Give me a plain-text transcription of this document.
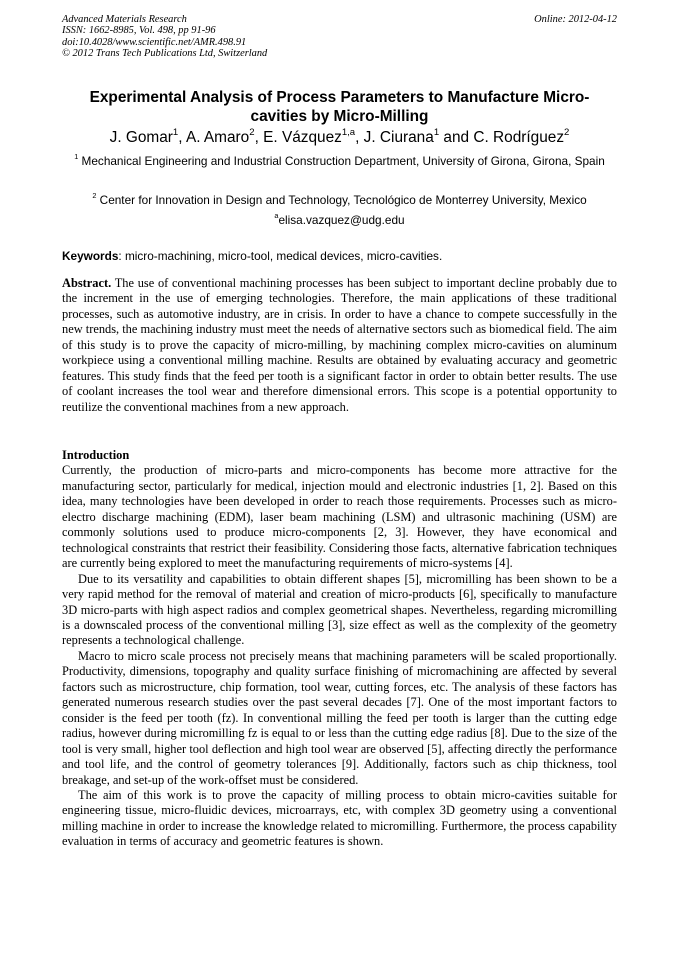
Advanced Materials Research
ISSN: 1662-8985, Vol. 498, pp 91-96
doi:10.4028/www.scientific.net/AMR.498.91
© 2012 Trans Tech Publications Ltd, Switzerland
Online: 2012-04-12
Experimental Analysis of Process Parameters to Manufacture Micro-cavities by Micro-Milling
J. Gomar$^1$, A. Amaro$^2$, E. Vázquez$^{1,a}$, J. Ciurana$^1$ and C. Rodríguez$^2$
$^1$ Mechanical Engineering and Industrial Construction Department, University of Girona, Girona, Spain
$^2$ Center for Innovation in Design and Technology, Tecnológico de Monterrey University, Mexico
$^a$elisa.vazquez@udg.edu
Keywords: micro-machining, micro-tool, medical devices, micro-cavities.
Abstract. The use of conventional machining processes has been subject to important decline probably due to the increment in the use of emerging technologies. Therefore, the main applications of these traditional processes, such as automotive industry, are in crisis. In order to have a chance to compete successfully in the new trends, the machining industry must meet the needs of alternative sectors such as biomedical field. The aim of this study is to prove the capacity of micro-milling, by machining complex micro-cavities on aluminum workpiece using a conventional milling machine. Results are obtained by evaluating accuracy and geometric features. This study finds that the feed per tooth is a significant factor in order to obtain better results. The use of coolant increases the tool wear and therefore dimensional errors. This scope is a potential opportunity to reutilize the conventional machines from a new approach.
Introduction

Currently, the production of micro-parts and micro-components has become more attractive for the manufacturing sector, particularly for medical, injection mould and electronic industries [1, 2]. Based on this idea, many technologies have been developed in order to reach those requirements. Processes such as micro-electro discharge machining (EDM), laser beam machining (LSM) and ultrasonic machining (USM) are commonly solutions used to produce micro-components [2, 3]. However, they have economical and technological constraints that restrict their feasibility. Considering those facts, alternative fabrication techniques are currently being explored to meet the manufacturing requirements of micro-systems [4].

Due to its versatility and capabilities to obtain different shapes [5], micromilling has been shown to be a very rapid method for the removal of material and creation of micro-products [6], specifically to manufacture 3D micro-parts with high aspect radios and complex geometrical shapes. Nevertheless, regarding micromilling is a downscaled process of the conventional milling [3], size effect as well as the complexity of the geometry represents a technological challenge.

Macro to micro scale process not precisely means that machining parameters will be scaled proportionally. Productivity, dimensions, topography and quality surface finishing of micromachining are affected by several factors such as microstructure, chip formation, tool wear, cutting forces, etc. The analysis of these factors has generated numerous research studies over the past several decades [7]. One of the most important factors to consider is the feed per tooth (fz). In conventional milling the feed per tooth is larger than the cutting edge radius, however during micromilling fz is equal to or less than the cutting edge radius [8]. Due to the size of the tool is very small, higher tool deflection and high tool wear are observed [5], affecting directly the performance and tool life, and the control of geometry tolerances [9]. Additionally, factors such as chip thickness, tool breakage, and set-up of the work-offset must be considered.

The aim of this work is to prove the capacity of milling process to obtain micro-cavities suitable for engineering tissue, micro-fluidic devices, microarrays, etc, with complex 3D geometry using a conventional milling machine in order to increase the knowledge related to micromilling. Furthermore, the process capability evaluation in terms of accuracy and geometric features is shown.
